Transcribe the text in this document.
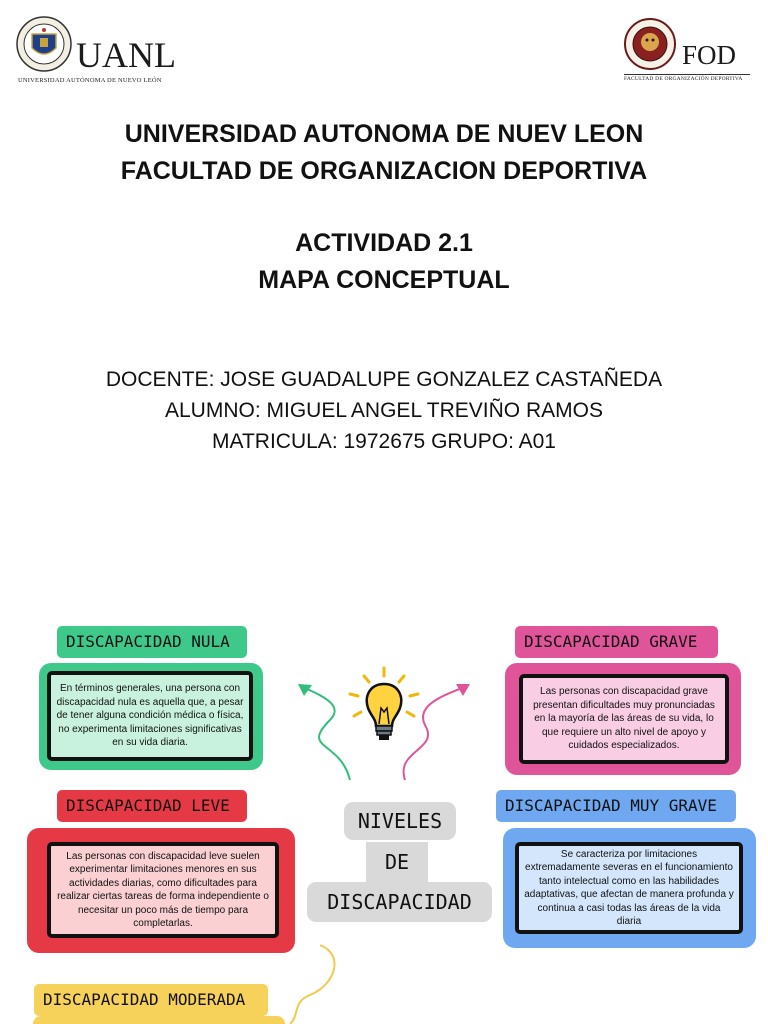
UANL
UNIVERSIDAD AUTÓNOMA DE NUEVO LEÓN
FOD
FACULTAD DE ORGANIZACIÓN DEPORTIVA
UNIVERSIDAD AUTONOMA DE NUEV LEON
FACULTAD DE ORGANIZACION DEPORTIVA
ACTIVIDAD 2.1
MAPA CONCEPTUAL
DOCENTE: JOSE GUADALUPE GONZALEZ CASTAÑEDA
ALUMNO: MIGUEL ANGEL TREVIÑO RAMOS
MATRICULA: 1972675 GRUPO: A01
NIVELES
DE
DISCAPACIDAD
DISCAPACIDAD NULA
En términos generales, una persona con discapacidad nula es aquella que, a pesar de tener alguna condición médica o física, no experimenta limitaciones significativas en su vida diaria.
DISCAPACIDAD GRAVE
Las personas con discapacidad grave presentan dificultades muy pronunciadas en la mayoría de las áreas de su vida, lo que requiere un alto nivel de apoyo y cuidados especializados.
DISCAPACIDAD LEVE
Las personas con discapacidad leve suelen experimentar limitaciones menores en sus actividades diarias, como dificultades para realizar ciertas tareas de forma independiente o necesitar un poco más de tiempo para completarlas.
DISCAPACIDAD MUY GRAVE
Se caracteriza por limitaciones extremadamente severas en el funcionamiento tanto intelectual como en las habilidades adaptativas, que afectan de manera profunda y continua a casi todas las áreas de la vida diaria
DISCAPACIDAD MODERADA
